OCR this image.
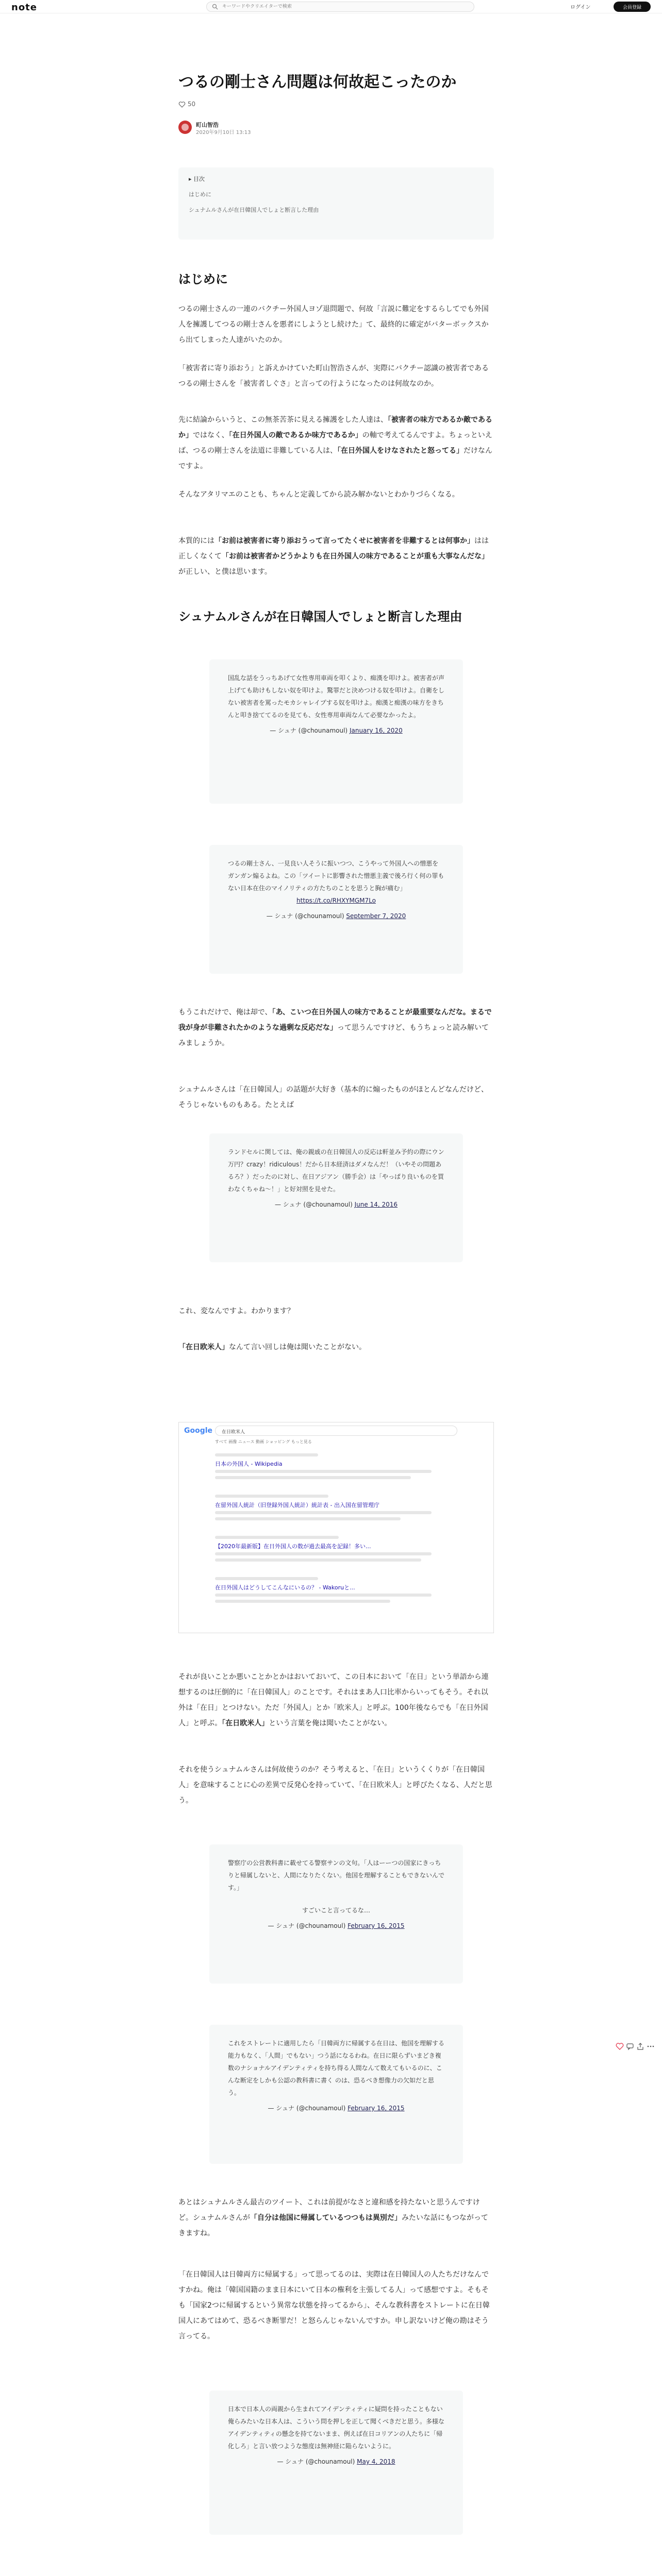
note
キーワードやクリエイターで検索	ログイン	会員登録
つるの剛士さん問題は何故起こったのか
50
町山智浩
2020年9月10日 13:13
▸ 目次
はじめに
シュナムルさんが在日韓国人でしょと断言した理由
はじめに

つるの剛士さんの一連のバクチー外国人ヨゾ退問題で、何故「言説に難定をするらしてでも外国人を擁護してつるの剛士さんを悪者にしようとし続けた」て、最終的に確定がバターボックスから出てしまった人達がいたのか。

「被害者に寄り添おう」と訴えかけていた町山智浩さんが、実際にバクチー認識の被害者であるつるの剛士さんを「被害者しぐさ」と言っての行ようになったのは何故なのか。

先に結論からいうと、この無茶苦茶に見える擁護をした人達は、「被害者の味方であるか敵であるか」ではなく、「在日外国人の敵であるか味方であるか」の軸で考えてるんですよ。ちょっといえば、つるの剛士さんを法道に非難している人は、「在日外国人をけなされたと怒ってる」だけなんですよ。

そんなアタリマエのことも、ちゃんと定義してから読み解かないとわかりづらくなる。

本質的には「お前は被害者に寄り添おうって言ってたくせに被害者を非難するとは何事か」はは正しくなくて「お前は被害者かどうかよりも在日外国人の味方であることが重も大事なんだな」が正しい、と僕は思います。

シュナムルさんが在日韓国人でしょと断言した理由
国乱な話をうっちあげて女性専用車両を叩くより、痴漢を叩けよ。被害者が声上げても助けもしない奴を叩けよ。驚罪だと決めつける奴を叩けよ。自衛をしない被害者を罵ったモカシャレイプする奴を叩けよ。痴漢と痴漢の味方をきちんと叩き捨ててるのを見ても、女性専用車両なんて必要なかったよ。
— シュナ (@chounamoul) January 16, 2020
つるの剛士さん、一見良い人そうに振いつつ、こうやって外国人への憎悪をガンガン煽るよね。この「ツイートに影響された憎悪主義で後ろ行く何の罪もない日本在住のマイノリティの方たちのことを思うと胸が痛む」
https://t.co/RHXYMGM7Lo
— シュナ (@chounamoul) September 7, 2020

もうこれだけで、俺は却で、「あ、こいつ在日外国人の味方であることが最重要なんだな。まるで我が身が非難されたかのような過剰な反応だな」って思うんですけど、もうちょっと読み解いてみましょうか。

シュナムルさんは「在日韓国人」の話題が大好き（基本的に煽ったものがほとんどなんだけど、そうじゃないものもある。たとえば

ランドセルに関しては、俺の親戚の在日韓国人の反応は軒並み予約の際にウン万円？crazy！ridiculous！だから日本経済はダメなんだ！（いやその問題あるろ？）だったのに対し、在日アジアン（勝手会）は「やっぱり良いものを買わなくちゃね〜！」と好対照を見せた。
— シュナ (@chounamoul) June 14, 2016

これ、変なんですよ。わかります？

「在日欧米人」なんて言い回しは俺は聞いたことがない。

Google	在日欧米人
すべて 画像 ニュース 動画 ショッピング もっと見る
日本の外国人 - Wikipedia
在留外国人統計（旧登録外国人統計）統計表 - 出入国在留管理庁
【2020年最新版】在日外国人の数が過去最高を記録！多い...
在日外国人はどうしてこんなにいるの？ - Wakoruと...

それが良いことか悪いことかとかはおいておいて、この日本において「在日」という単語から連想するのは圧倒的に「在日韓国人」のことです。それはまあ人口比率からいってもそう。それ以外は「在日」とつけない。ただ「外国人」とか「欧米人」と呼ぶ。100年後ならでも「在日外国人」と呼ぶ。「在日欧米人」という言葉を俺は聞いたことがない。

それを使うシュナムルさんは何故使うのか？そう考えると、「在日」というくくりが「在日韓国人」を意味することに心の差異で反発心を持っていて、「在日欧米人」と呼びたくなる、人だと思う。

警察庁の公営教科書に載せてる警察サンの文句。「人はーーつの国家にきっちりと帰属しないと、人間になりたくない。他国を理解することもできないんです。」
すごいこと言ってるな…
— シュナ (@chounamoul) February 16, 2015
これをストレートに適用したら「日韓両方に帰属する在日は、他国を理解する能力もなく、「人間」でもない」つう話になるわね。在日に限らずいまどき複数のナショナルアイデンティティを持ち得る人間なんて数えてもいるのに、こんな断定をしかも公認の教科書に書く のは、恐るべき想像力の欠如だと思う。
— シュナ (@chounamoul) February 16, 2015

あとはシュナムルさん最古のツイート、これは前提がなさと違和感を持たないと思うんですけど。シュナムルさんが「自分は他国に帰属しているつつもは異別だ」みたいな話にもつながってきますね。

「在日韓国人は日韓両方に帰属する」って思ってるのは、実際は在日韓国人の人たちだけなんですかね。俺は「韓国国籍のまま日本にいて日本の権利を主張してる人」って感想ですよ。そもそも「国家2つに帰属するという異常な状態を持ってるから」、そんな教科書をストレートに在日韓国人にあてはめて、恐るべき断罪だ！と怒らんじゃないんですか。申し訳ないけど俺の勘はそう言ってる。

日本で日本人の両親から生まれてアイデンティティに疑問を持ったこともない俺らみたいな日本人は、こういう問を押しを正して聞くべきだと思う。多様なアイデンティティの懸念を持てないまま、例えば在日コリアンの人たちに「帰化しろ」と言い放つような態度は無神経に陥らないように。
— シュナ (@chounamoul) May 4, 2018
